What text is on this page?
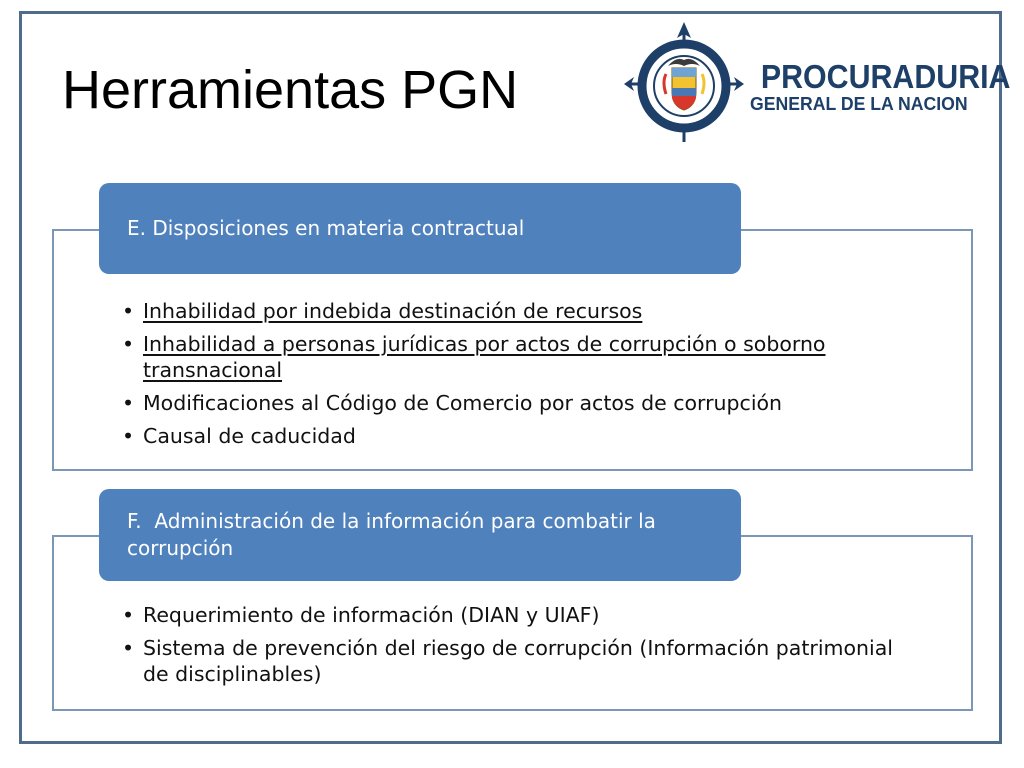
Herramientas PGN	PROCURADURIA
GENERAL DE LA NACION
E. Disposiciones en materia contractual
• Inhabilidad por indebida destinación de recursos
• Inhabilidad a personas jurídicas por actos de corrupción o soborno transnacional
• Modificaciones al Código de Comercio por actos de corrupción
• Causal de caducidad
F.  Administración de la información para combatir la corrupción
• Requerimiento de información (DIAN y UIAF)
• Sistema de prevención del riesgo de corrupción (Información patrimonial de disciplinables)
